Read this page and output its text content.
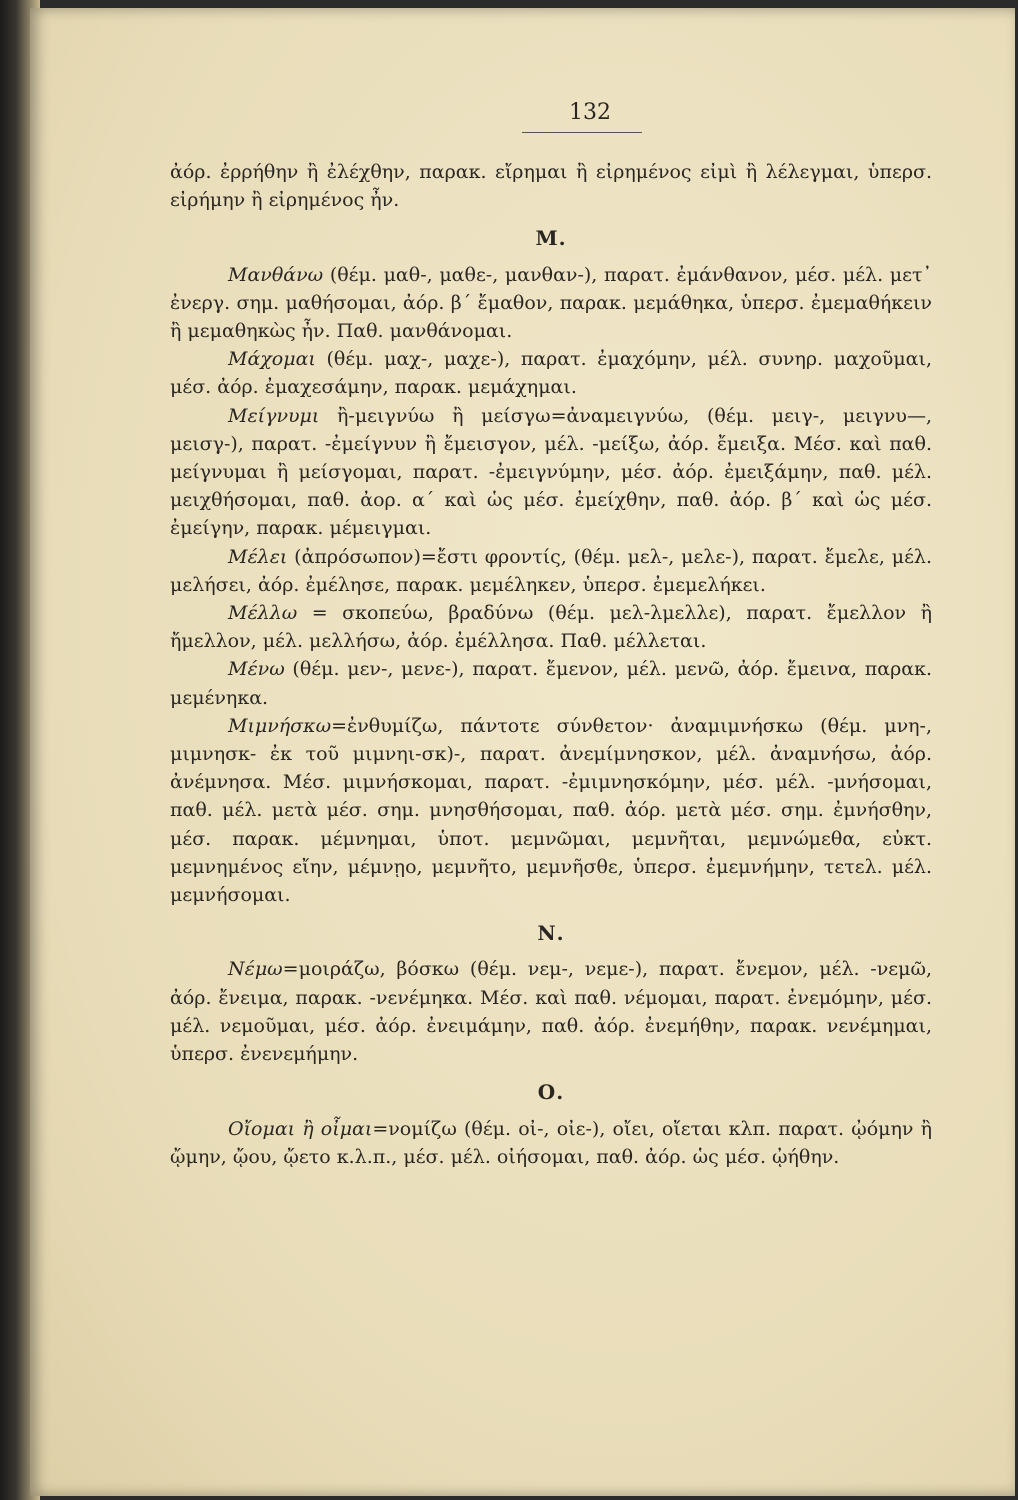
132

ἀόρ. ἐρρήθην ἢ ἐλέχθην, παρακ. εἴρημαι ἢ εἰρημένος εἰμὶ ἢ λέλεγμαι, ὑπερσ. εἰρήμην ἢ εἰρημένος ἦν.

Μ.

Μανθάνω (θέμ. μαθ-, μαθε-, μανθαν-), παρατ. ἐμάνθανον, μέσ. μέλ. μετ᾽ ἐνεργ. σημ. μαθήσομαι, ἀόρ. β΄ ἔμαθον, παρακ. μεμάθηκα, ὑπερσ. ἐμεμαθήκειν ἢ μεμαθηκὼς ἦν. Παθ. μανθάνομαι.

Μάχομαι (θέμ. μαχ-, μαχε-), παρατ. ἐμαχόμην, μέλ. συνηρ. μαχοῦμαι, μέσ. ἀόρ. ἐμαχεσάμην, παρακ. μεμάχημαι.

Μείγνυμι ἢ-μειγνύω ἢ μείσγω=ἀναμειγνύω, (θέμ. μειγ-, μειγνυ—, μεισγ-), παρατ. -ἐμείγνυν ἢ ἔμεισγον, μέλ. -μείξω, ἀόρ. ἔμειξα. Μέσ. καὶ παθ. μείγνυμαι ἢ μείσγομαι, παρατ. -ἐμειγνύμην, μέσ. ἀόρ. ἐμειξάμην, παθ. μέλ. μειχθήσομαι, παθ. ἀορ. α΄ καὶ ὡς μέσ. ἐμείχθην, παθ. ἀόρ. β΄ καὶ ὡς μέσ. ἐμείγην, παρακ. μέμειγμαι.

Μέλει (ἀπρόσωπον)=ἔστι φροντίς, (θέμ. μελ-, μελε-), παρατ. ἔμελε, μέλ. μελήσει, ἀόρ. ἐμέλησε, παρακ. μεμέληκεν, ὑπερσ. ἐμεμελήκει.

Μέλλω = σκοπεύω, βραδύνω (θέμ. μελ-λμελλε), παρατ. ἔμελλον ἢ ἤμελλον, μέλ. μελλήσω, ἀόρ. ἐμέλλησα. Παθ. μέλλεται.

Μένω (θέμ. μεν-, μενε-), παρατ. ἔμενον, μέλ. μενῶ, ἀόρ. ἔμεινα, παρακ. μεμένηκα.

Μιμνήσκω=ἐνθυμίζω, πάντοτε σύνθετον· ἀναμιμνήσκω (θέμ. μνη-, μιμνησκ- ἐκ τοῦ μιμνηι-σκ)-, παρατ. ἀνεμίμνησκον, μέλ. ἀναμνήσω, ἀόρ. ἀνέμνησα. Μέσ. μιμνήσκομαι, παρατ. -ἐμιμνησκόμην, μέσ. μέλ. -μνήσομαι, παθ. μέλ. μετὰ μέσ. σημ. μνησθήσομαι, παθ. ἀόρ. μετὰ μέσ. σημ. ἐμνήσθην, μέσ. παρακ. μέμνημαι, ὑποτ. μεμνῶμαι, μεμνῆται, μεμνώμεθα, εὐκτ. μεμνημένος εἴην, μέμνῃο, μεμνῆτο, μεμνῆσθε, ὑπερσ. ἐμεμνήμην, τετελ. μέλ. μεμνήσομαι.

Ν.

Νέμω=μοιράζω, βόσκω (θέμ. νεμ-, νεμε-), παρατ. ἔνεμον, μέλ. -νεμῶ, ἀόρ. ἔνειμα, παρακ. -νενέμηκα. Μέσ. καὶ παθ. νέμομαι, παρατ. ἐνεμόμην, μέσ. μέλ. νεμοῦμαι, μέσ. ἀόρ. ἐνειμάμην, παθ. ἀόρ. ἐνεμήθην, παρακ. νενέμημαι, ὑπερσ. ἐνενεμήμην.

Ο.

Οἴομαι ἢ οἶμαι=νομίζω (θέμ. οἰ-, οἰε-), οἴει, οἴεται κλπ. παρατ. ᾠόμην ἢ ᾤμην, ᾤου, ᾤετο κ.λ.π., μέσ. μέλ. οἰήσομαι, παθ. ἀόρ. ὡς μέσ. ᾠήθην.
